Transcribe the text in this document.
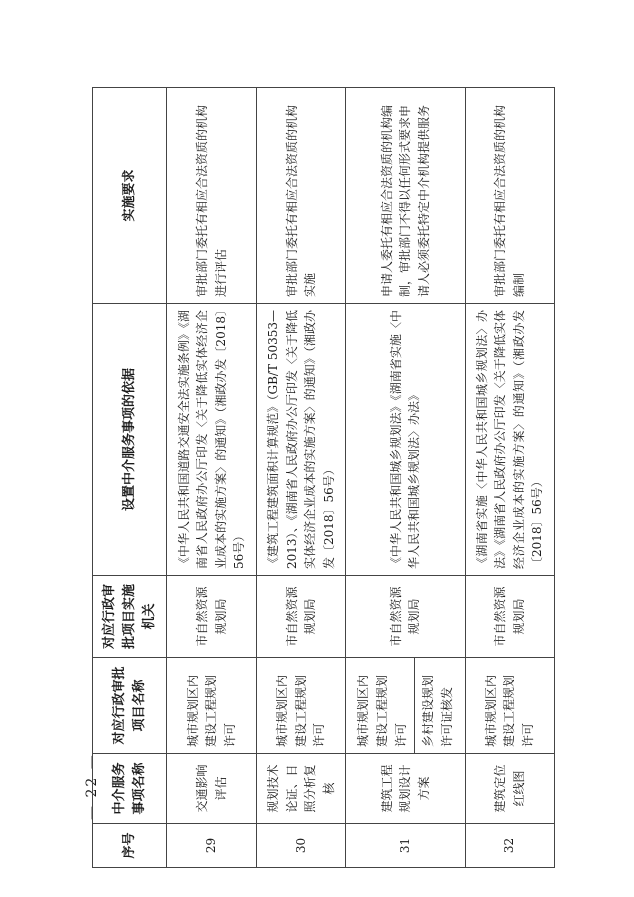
— 22 —
序号	中介服务事项名称	对应行政审批项目名称	对应行政审批项目实施机关	设置中介服务事项的依据	实施要求
29	交通影响评估	城市规划区内建设工程规划许可	市自然资源规划局	《中华人民共和国道路交通安全法实施条例》《湖南省人民政府办公厅印发〈关于降低实体经济企业成本的实施方案〉的通知》（湘政办发〔2018〕56号）	审批部门委托有相应合法资质的机构进行评估
30	规划技术论证、日照分析复核	城市规划区内建设工程规划许可	市自然资源规划局	《建筑工程建筑面积计算规范》（GB/T 50353—2013）、《湖南省人民政府办公厅印发〈关于降低实体经济企业成本的实施方案〉的通知》（湘政办发〔2018〕56号）	审批部门委托有相应合法资质的机构实施
31	建筑工程规划设计方案	城市规划区内建设工程规划许可 乡村建设规划许可证核发	市自然资源规划局	《中华人民共和国城乡规划法》《湖南省实施〈中华人民共和国城乡规划法〉办法》	申请人委托有相应合法资质的机构编制，审批部门不得以任何形式要求申请人必须委托特定中介机构提供服务
32	建筑定位红线图	城市规划区内建设工程规划许可	市自然资源规划局	《湖南省实施〈中华人民共和国城乡规划法〉办法》《湖南省人民政府办公厅印发〈关于降低实体经济企业成本的实施方案〉的通知》（湘政办发〔2018〕56号）	审批部门委托有相应合法资质的机构编制
